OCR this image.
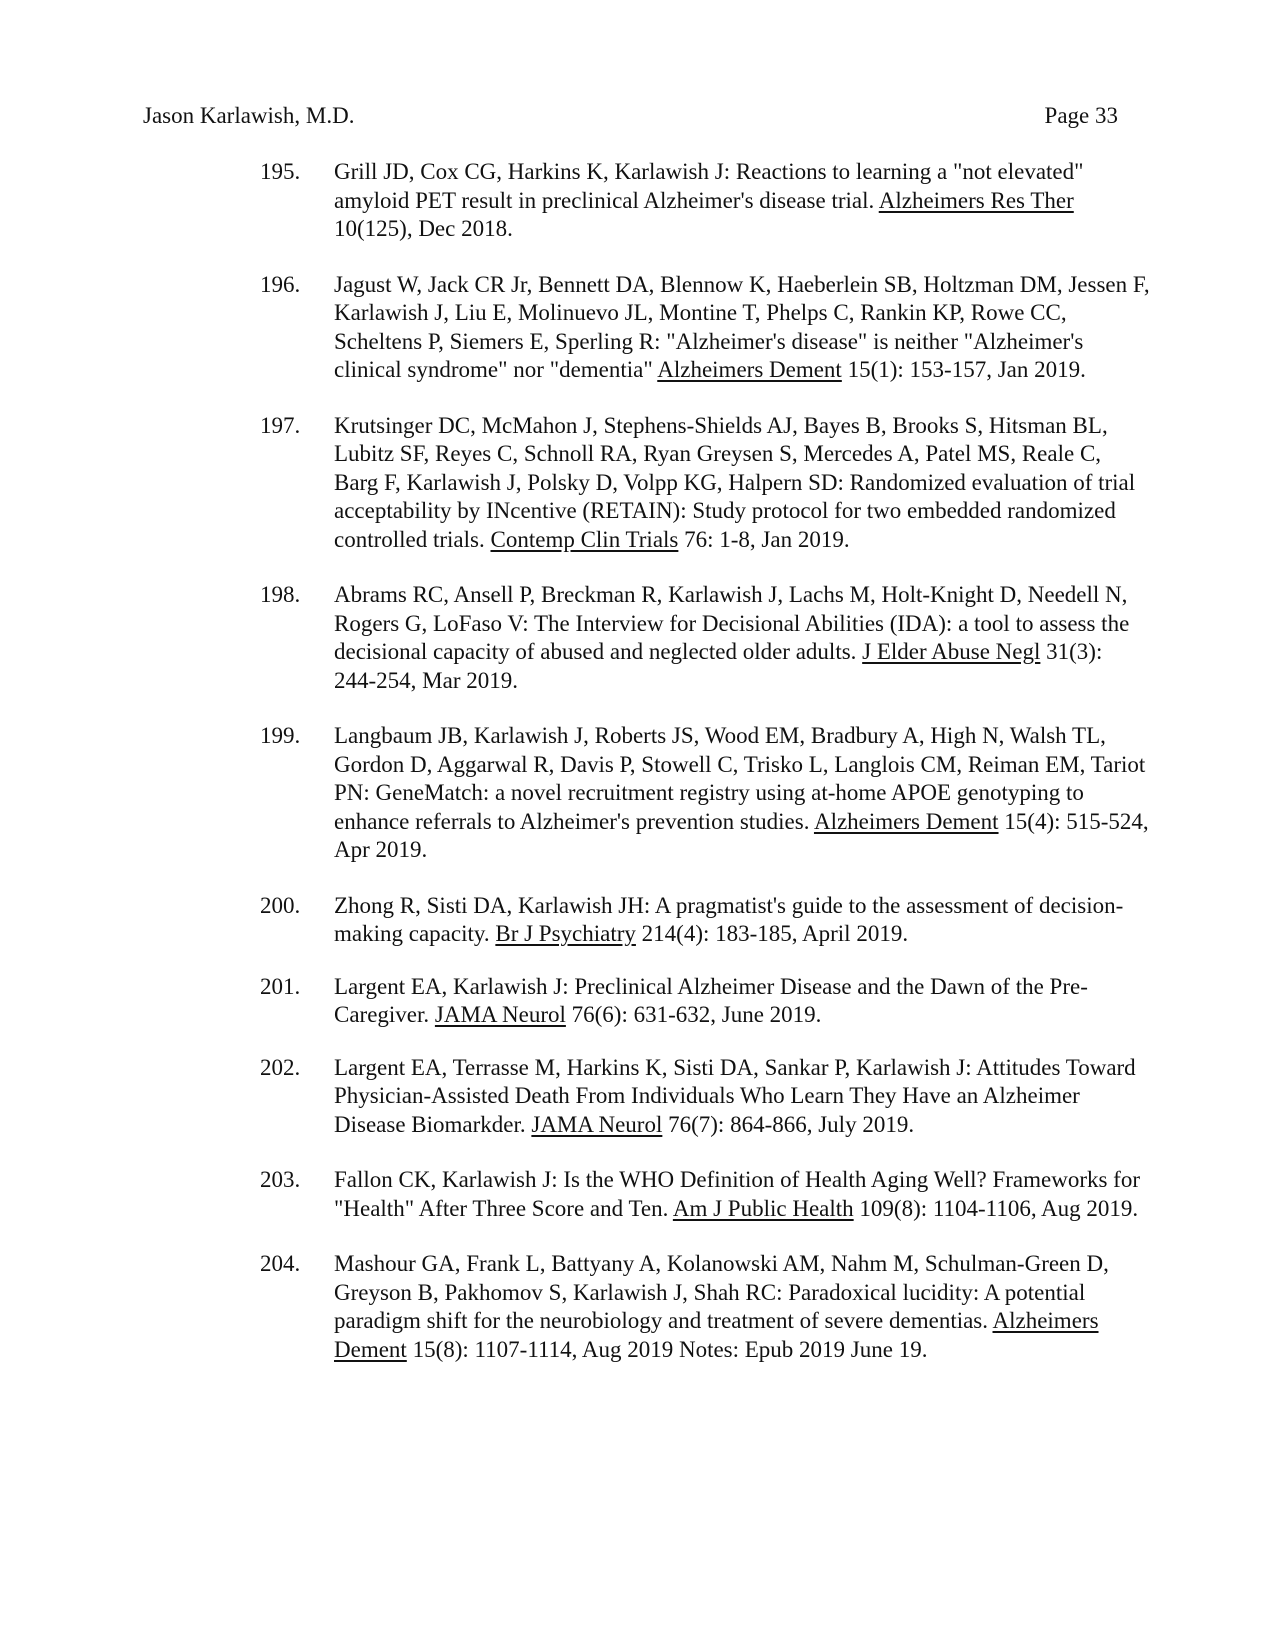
Jason Karlawish, M.D.	Page 33
195. Grill JD, Cox CG, Harkins K, Karlawish J: Reactions to learning a "not elevated" amyloid PET result in preclinical Alzheimer's disease trial. Alzheimers Res Ther 10(125), Dec 2018.
196. Jagust W, Jack CR Jr, Bennett DA, Blennow K, Haeberlein SB, Holtzman DM, Jessen F, Karlawish J, Liu E, Molinuevo JL, Montine T, Phelps C, Rankin KP, Rowe CC, Scheltens P, Siemers E, Sperling R: "Alzheimer's disease" is neither "Alzheimer's clinical syndrome" nor "dementia" Alzheimers Dement 15(1): 153-157, Jan 2019.
197. Krutsinger DC, McMahon J, Stephens-Shields AJ, Bayes B, Brooks S, Hitsman BL, Lubitz SF, Reyes C, Schnoll RA, Ryan Greysen S, Mercedes A, Patel MS, Reale C, Barg F, Karlawish J, Polsky D, Volpp KG, Halpern SD: Randomized evaluation of trial acceptability by INcentive (RETAIN): Study protocol for two embedded randomized controlled trials. Contemp Clin Trials 76: 1-8, Jan 2019.
198. Abrams RC, Ansell P, Breckman R, Karlawish J, Lachs M, Holt-Knight D, Needell N, Rogers G, LoFaso V: The Interview for Decisional Abilities (IDA): a tool to assess the decisional capacity of abused and neglected older adults. J Elder Abuse Negl 31(3): 244-254, Mar 2019.
199. Langbaum JB, Karlawish J, Roberts JS, Wood EM, Bradbury A, High N, Walsh TL, Gordon D, Aggarwal R, Davis P, Stowell C, Trisko L, Langlois CM, Reiman EM, Tariot PN: GeneMatch: a novel recruitment registry using at-home APOE genotyping to enhance referrals to Alzheimer's prevention studies. Alzheimers Dement 15(4): 515-524, Apr 2019.
200. Zhong R, Sisti DA, Karlawish JH: A pragmatist's guide to the assessment of decision-making capacity. Br J Psychiatry 214(4): 183-185, April 2019.
201. Largent EA, Karlawish J: Preclinical Alzheimer Disease and the Dawn of the Pre-Caregiver. JAMA Neurol 76(6): 631-632, June 2019.
202. Largent EA, Terrasse M, Harkins K, Sisti DA, Sankar P, Karlawish J: Attitudes Toward Physician-Assisted Death From Individuals Who Learn They Have an Alzheimer Disease Biomarkder. JAMA Neurol 76(7): 864-866, July 2019.
203. Fallon CK, Karlawish J: Is the WHO Definition of Health Aging Well? Frameworks for "Health" After Three Score and Ten. Am J Public Health 109(8): 1104-1106, Aug 2019.
204. Mashour GA, Frank L, Battyany A, Kolanowski AM, Nahm M, Schulman-Green D, Greyson B, Pakhomov S, Karlawish J, Shah RC: Paradoxical lucidity: A potential paradigm shift for the neurobiology and treatment of severe dementias. Alzheimers Dement 15(8): 1107-1114, Aug 2019 Notes: Epub 2019 June 19.
